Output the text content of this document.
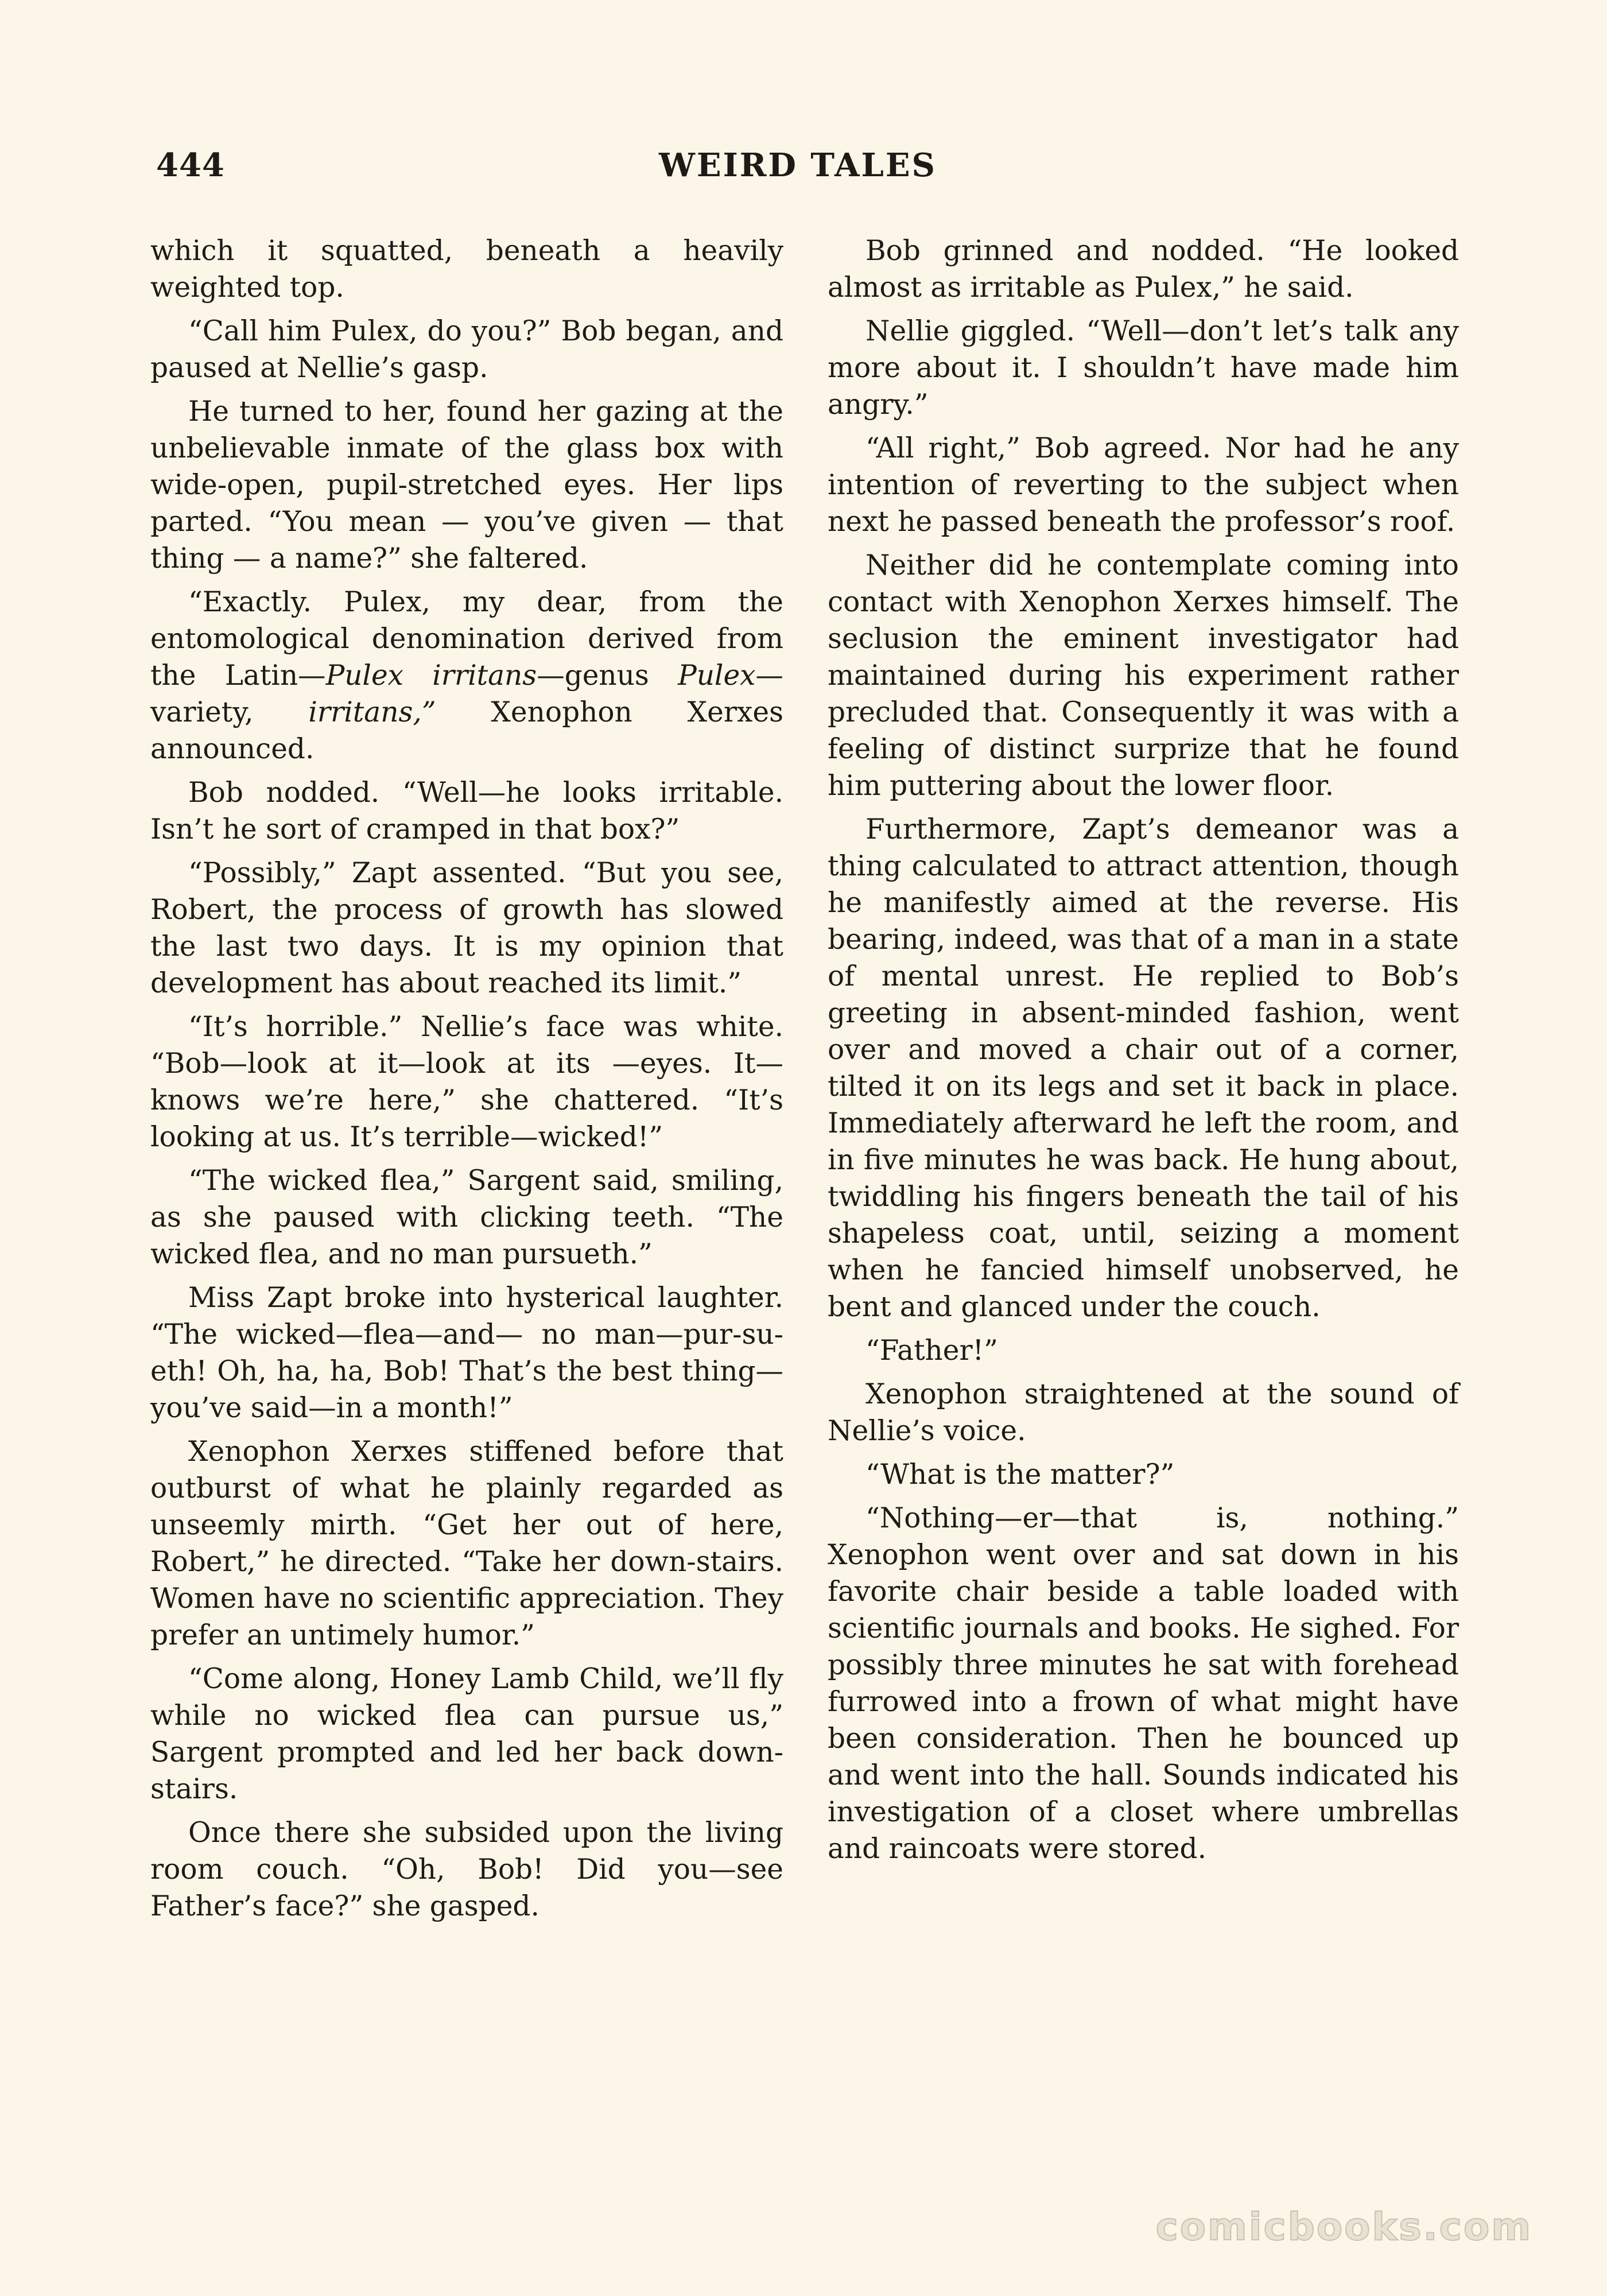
444	WEIRD TALES

which it squatted, beneath a heavily weighted top.

“Call him Pulex, do you?” Bob began, and paused at Nellie’s gasp.

He turned to her, found her gazing at the unbelievable inmate of the glass box with wide-open, pupil-stretched eyes. Her lips parted. “You mean — you’ve given — that thing — a name?” she faltered.

“Exactly. Pulex, my dear, from the entomological denomination derived from the Latin—Pulex irritans—genus Pulex—variety, irritans,” Xenophon Xerxes announced.

Bob nodded. “Well—he looks irritable. Isn’t he sort of cramped in that box?”

“Possibly,” Zapt assented. “But you see, Robert, the process of growth has slowed the last two days. It is my opinion that development has about reached its limit.”

“It’s horrible.” Nellie’s face was white. “Bob—look at it—look at its —eyes. It—knows we’re here,” she chattered. “It’s looking at us. It’s terrible—wicked!”

“The wicked flea,” Sargent said, smiling, as she paused with clicking teeth. “The wicked flea, and no man pursueth.”

Miss Zapt broke into hysterical laughter. “The wicked—flea—and— no man—pur-su-eth! Oh, ha, ha, Bob! That’s the best thing—you’ve said—in a month!”

Xenophon Xerxes stiffened before that outburst of what he plainly regarded as unseemly mirth. “Get her out of here, Robert,” he directed. “Take her down-stairs. Women have no scientific appreciation. They prefer an untimely humor.”

“Come along, Honey Lamb Child, we’ll fly while no wicked flea can pursue us,” Sargent prompted and led her back down-stairs.

Once there she subsided upon the living room couch. “Oh, Bob! Did you—see Father’s face?” she gasped.

Bob grinned and nodded. “He looked almost as irritable as Pulex,” he said.

Nellie giggled. “Well—don’t let’s talk any more about it. I shouldn’t have made him angry.”

“All right,” Bob agreed. Nor had he any intention of reverting to the subject when next he passed beneath the professor’s roof.

Neither did he contemplate coming into contact with Xenophon Xerxes himself. The seclusion the eminent investigator had maintained during his experiment rather precluded that. Consequently it was with a feeling of distinct surprize that he found him puttering about the lower floor.

Furthermore, Zapt’s demeanor was a thing calculated to attract attention, though he manifestly aimed at the reverse. His bearing, indeed, was that of a man in a state of mental unrest. He replied to Bob’s greeting in absent-minded fashion, went over and moved a chair out of a corner, tilted it on its legs and set it back in place. Immediately afterward he left the room, and in five minutes he was back. He hung about, twiddling his fingers beneath the tail of his shapeless coat, until, seizing a moment when he fancied himself unobserved, he bent and glanced under the couch.

“Father!”

Xenophon straightened at the sound of Nellie’s voice.

“What is the matter?”

“Nothing—er—that is, nothing.” Xenophon went over and sat down in his favorite chair beside a table loaded with scientific journals and books. He sighed. For possibly three minutes he sat with forehead furrowed into a frown of what might have been consideration. Then he bounced up and went into the hall. Sounds indicated his investigation of a closet where umbrellas and raincoats were stored.

comicbooks.com
